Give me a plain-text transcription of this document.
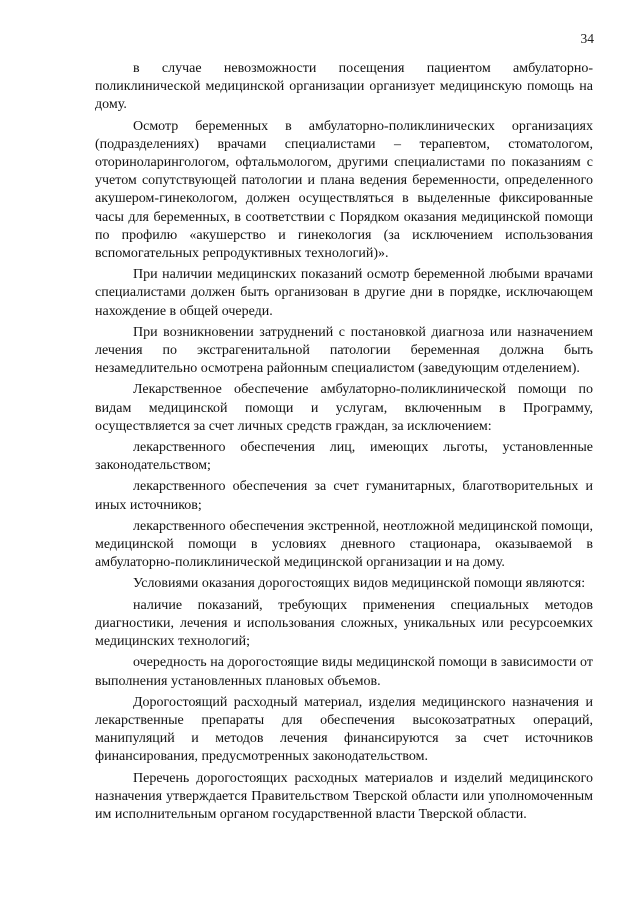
34

в случае невозможности посещения пациентом амбулаторно-поликлинической медицинской организации организует медицинскую помощь на дому.

Осмотр беременных в амбулаторно-поликлинических организациях (подразделениях) врачами специалистами – терапевтом, стоматологом, оториноларингологом, офтальмологом, другими специалистами по показаниям с учетом сопутствующей патологии и плана ведения беременности, определенного акушером-гинекологом, должен осуществляться в выделенные фиксированные часы для беременных, в соответствии с Порядком оказания медицинской помощи по профилю «акушерство и гинекология (за исключением использования вспомогательных репродуктивных технологий)».

При наличии медицинских показаний осмотр беременной любыми врачами специалистами должен быть организован в другие дни в порядке, исключающем нахождение в общей очереди.

При возникновении затруднений с постановкой диагноза или назначением лечения по экстрагенитальной патологии беременная должна быть незамедлительно осмотрена районным специалистом (заведующим отделением).

Лекарственное обеспечение амбулаторно-поликлинической помощи по видам медицинской помощи и услугам, включенным в Программу, осуществляется за счет личных средств граждан, за исключением:

лекарственного обеспечения лиц, имеющих льготы, установленные законодательством;

лекарственного обеспечения за счет гуманитарных, благотворительных и иных источников;

лекарственного обеспечения экстренной, неотложной медицинской помощи, медицинской помощи в условиях дневного стационара, оказываемой в амбулаторно-поликлинической медицинской организации и на дому.

Условиями оказания дорогостоящих видов медицинской помощи являются:

наличие показаний, требующих применения специальных методов диагностики, лечения и использования сложных, уникальных или ресурсоемких медицинских технологий;

очередность на дорогостоящие виды медицинской помощи в зависимости от выполнения установленных плановых объемов.

Дорогостоящий расходный материал, изделия медицинского назначения и лекарственные препараты для обеспечения высокозатратных операций, манипуляций и методов лечения финансируются за счет источников финансирования, предусмотренных законодательством.

Перечень дорогостоящих расходных материалов и изделий медицинского назначения утверждается Правительством Тверской области или уполномоченным им исполнительным органом государственной власти Тверской области.
